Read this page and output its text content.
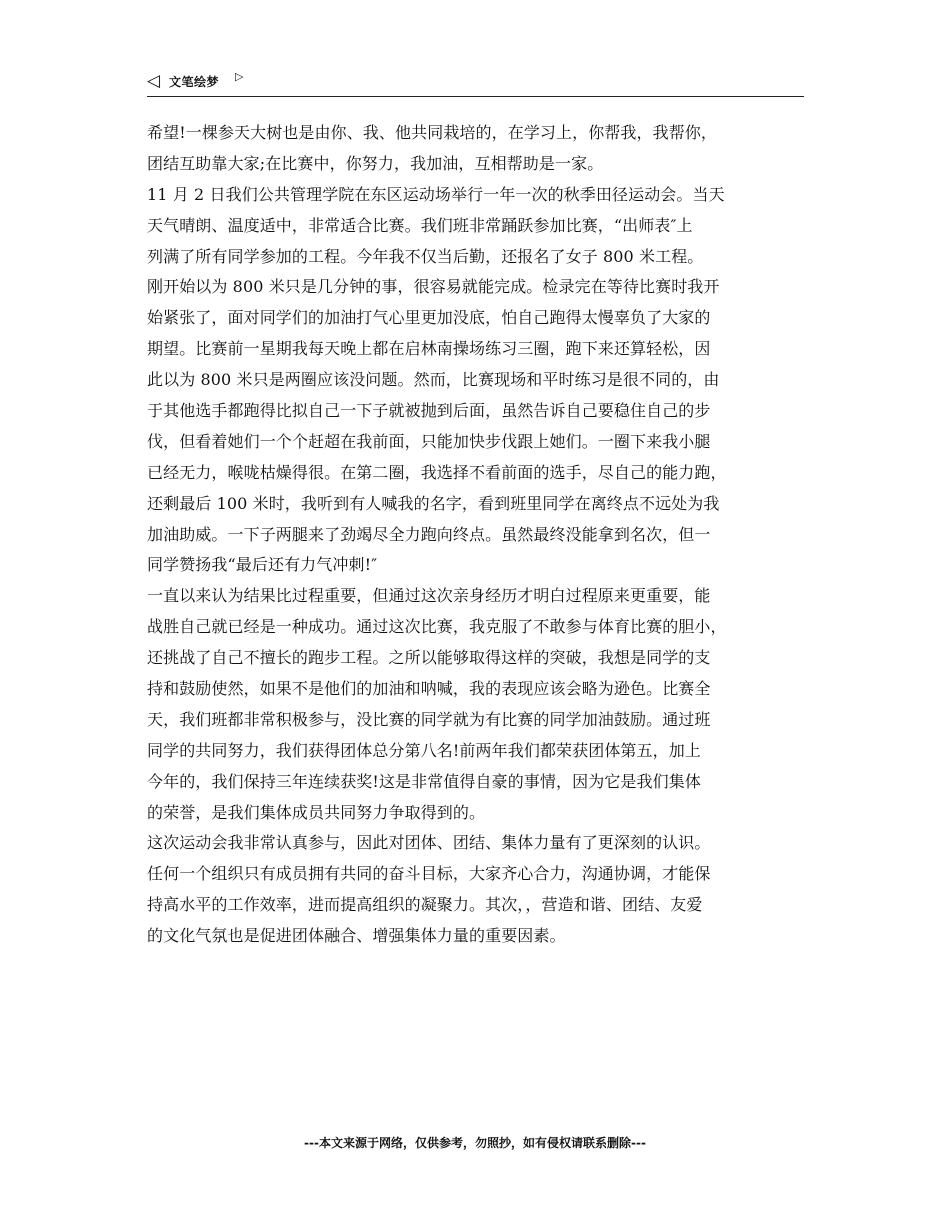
◁ 文笔绘梦 ▷
希望!一棵参天大树也是由你、我、他共同栽培的，在学习上，你帮我，我帮你，
团结互助靠大家;在比赛中，你努力，我加油，互相帮助是一家。
11 月 2 日我们公共管理学院在东区运动场举行一年一次的秋季田径运动会。当天
天气晴朗、温度适中，非常适合比赛。我们班非常踊跃参加比赛，“出师表″上
列满了所有同学参加的工程。今年我不仅当后勤，还报名了女子 800 米工程。
刚开始以为 800 米只是几分钟的事，很容易就能完成。检录完在等待比赛时我开
始紧张了，面对同学们的加油打气心里更加没底，怕自己跑得太慢辜负了大家的
期望。比赛前一星期我每天晚上都在启林南操场练习三圈，跑下来还算轻松，因
此以为 800 米只是两圈应该没问题。然而，比赛现场和平时练习是很不同的，由
于其他选手都跑得比拟自己一下子就被抛到后面，虽然告诉自己要稳住自己的步
伐，但看着她们一个个赶超在我前面，只能加快步伐跟上她们。一圈下来我小腿
已经无力，喉咙枯燥得很。在第二圈，我选择不看前面的选手，尽自己的能力跑，
还剩最后 100 米时，我听到有人喊我的名字，看到班里同学在离终点不远处为我
加油助威。一下子两腿来了劲竭尽全力跑向终点。虽然最终没能拿到名次，但一
同学赞扬我“最后还有力气冲刺!″
一直以来认为结果比过程重要，但通过这次亲身经历才明白过程原来更重要，能
战胜自己就已经是一种成功。通过这次比赛，我克服了不敢参与体育比赛的胆小，
还挑战了自己不擅长的跑步工程。之所以能够取得这样的突破，我想是同学的支
持和鼓励使然，如果不是他们的加油和呐喊，我的表现应该会略为逊色。比赛全
天，我们班都非常积极参与，没比赛的同学就为有比赛的同学加油鼓励。通过班
同学的共同努力，我们获得团体总分第八名!前两年我们都荣获团体第五，加上
今年的，我们保持三年连续获奖!这是非常值得自豪的事情，因为它是我们集体
的荣誉，是我们集体成员共同努力争取得到的。
这次运动会我非常认真参与，因此对团体、团结、集体力量有了更深刻的认识。
任何一个组织只有成员拥有共同的奋斗目标，大家齐心合力，沟通协调，才能保
持高水平的工作效率，进而提高组织的凝聚力。其次，，营造和谐、团结、友爱
的文化气氛也是促进团体融合、增强集体力量的重要因素。
---本文来源于网络，仅供参考，勿照抄，如有侵权请联系删除---
